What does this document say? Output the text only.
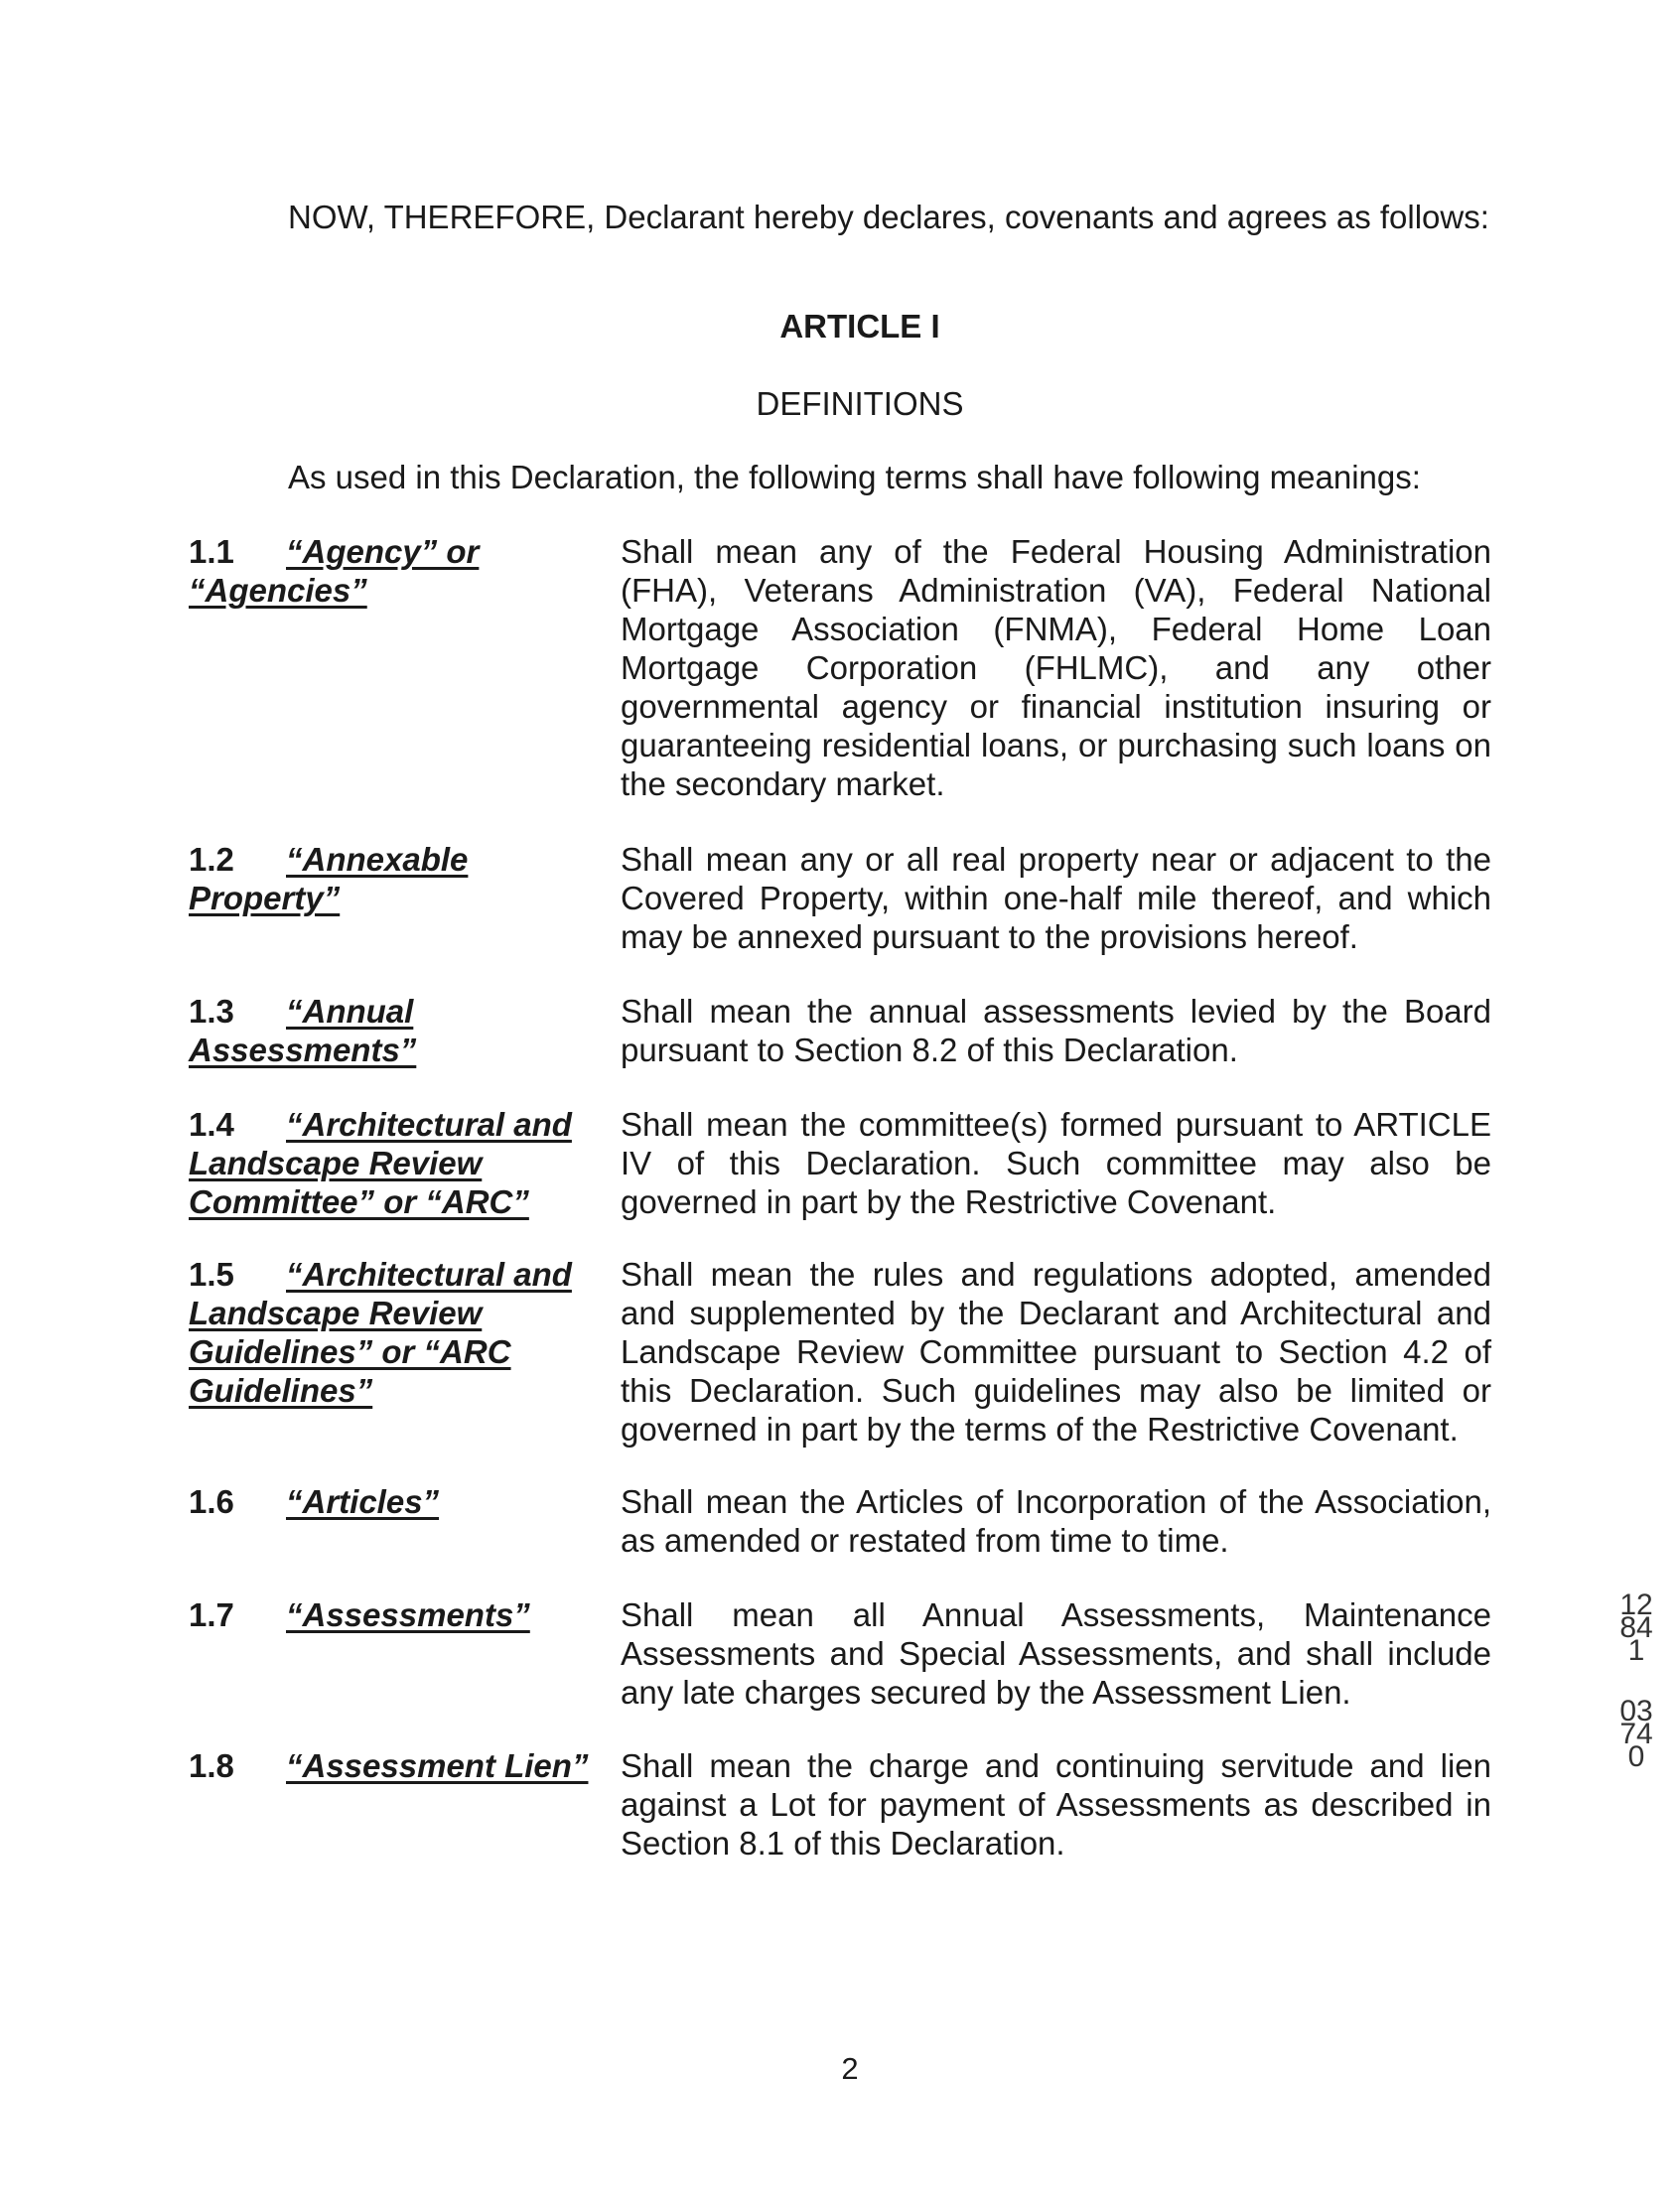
NOW, THEREFORE, Declarant hereby declares, covenants and agrees as follows:
ARTICLE I
DEFINITIONS
As used in this Declaration, the following terms shall have following meanings:
1.1 “Agency” or “Agencies”
Shall mean any of the Federal Housing Administration (FHA), Veterans Administration (VA), Federal National Mortgage Association (FNMA), Federal Home Loan Mortgage Corporation (FHLMC), and any other governmental agency or financial institution insuring or guaranteeing residential loans, or purchasing such loans on the secondary market.
1.2 “Annexable Property”
Shall mean any or all real property near or adjacent to the Covered Property, within one-half mile thereof, and which may be annexed pursuant to the provisions hereof.
1.3 “Annual Assessments”
Shall mean the annual assessments levied by the Board pursuant to Section 8.2 of this Declaration.
1.4 “Architectural and Landscape Review Committee” or “ARC”
Shall mean the committee(s) formed pursuant to ARTICLE IV of this Declaration. Such committee may also be governed in part by the Restrictive Covenant.
1.5 “Architectural and Landscape Review Guidelines” or “ARC Guidelines”
Shall mean the rules and regulations adopted, amended and supplemented by the Declarant and Architectural and Landscape Review Committee pursuant to Section 4.2 of this Declaration. Such guidelines may also be limited or governed in part by the terms of the Restrictive Covenant.
1.6 “Articles”	Shall mean the Articles of Incorporation of the Association, as amended or restated from time to time.
1.7 “Assessments”	Shall mean all Annual Assessments, Maintenance Assessments and Special Assessments, and shall include any late charges secured by the Assessment Lien.
1.8 “Assessment Lien” Shall mean the charge and continuing servitude and lien against a Lot for payment of Assessments as described in Section 8.1 of this Declaration.
12841
03740
2
